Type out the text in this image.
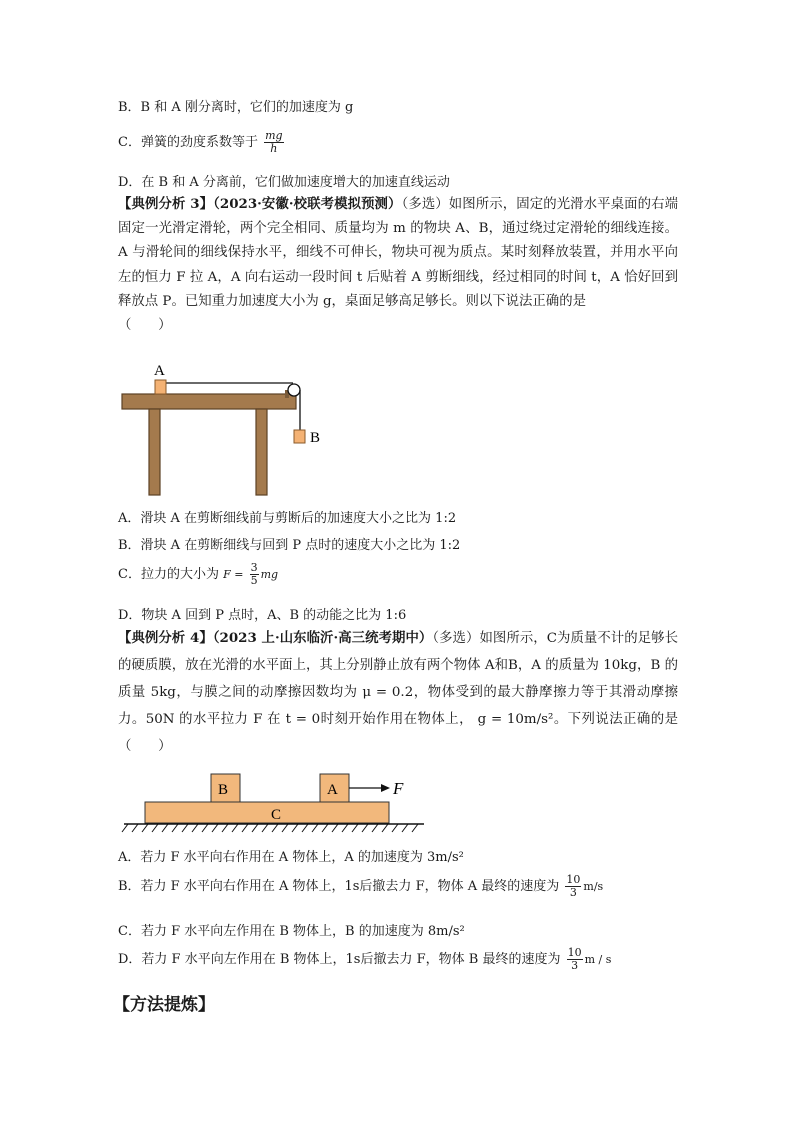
B．B 和 A 刚分离时，它们的加速度为 g
C．弹簧的劲度系数等于 $\frac{mg}{h}$
D．在 B 和 A 分离前，它们做加速度增大的加速直线运动
【典例分析 3】（2023·安徽·校联考模拟预测）（多选）如图所示，固定的光滑水平桌面的右端固定一光滑定滑轮，两个完全相同、质量均为 m 的物块 A、B，通过绕过定滑轮的细线连接。A 与滑轮间的细线保持水平，细线不可伸长，物块可视为质点。某时刻释放装置，并用水平向左的恒力 F 拉 A，A 向右运动一段时间 t 后贴着 A 剪断细线，经过相同的时间 t，A 恰好回到释放点 P。已知重力加速度大小为 g，桌面足够高足够长。则以下说法正确的是
（　　）
A
B
A．滑块 A 在剪断细线前与剪断后的加速度大小之比为 1:2
B．滑块 A 在剪断细线与回到 P 点时的速度大小之比为 1:2
C．拉力的大小为 $F = \frac{3}{5}$ mg
D．物块 A 回到 P 点时，A、B 的动能之比为 1:6
【典例分析 4】（2023 上·山东临沂·高三统考期中）（多选）如图所示，C为质量不计的足够长的硬质膜，放在光滑的水平面上，其上分别静止放有两个物体 A和B，A 的质量为 10kg，B 的质量 5kg，与膜之间的动摩擦因数均为 μ = 0.2，物体受到的最大静摩擦力等于其滑动摩擦力。50N 的水平拉力 F 在 t = 0时刻开始作用在物体上， g = 10m/s²。下列说法正确的是（　　）
B	A
C
F
A．若力 F 水平向右作用在 A 物体上，A 的加速度为 3m/s²
B．若力 F 水平向右作用在 A 物体上，1s后撤去力 F，物体 A 最终的速度为 $\frac{10}{3} m/s$
C．若力 F 水平向左作用在 B 物体上，B 的加速度为 8m/s²
D．若力 F 水平向左作用在 B 物体上，1s后撤去力 F，物体 B 最终的速度为 $\frac{10}{3}$ m / s
【方法提炼】
